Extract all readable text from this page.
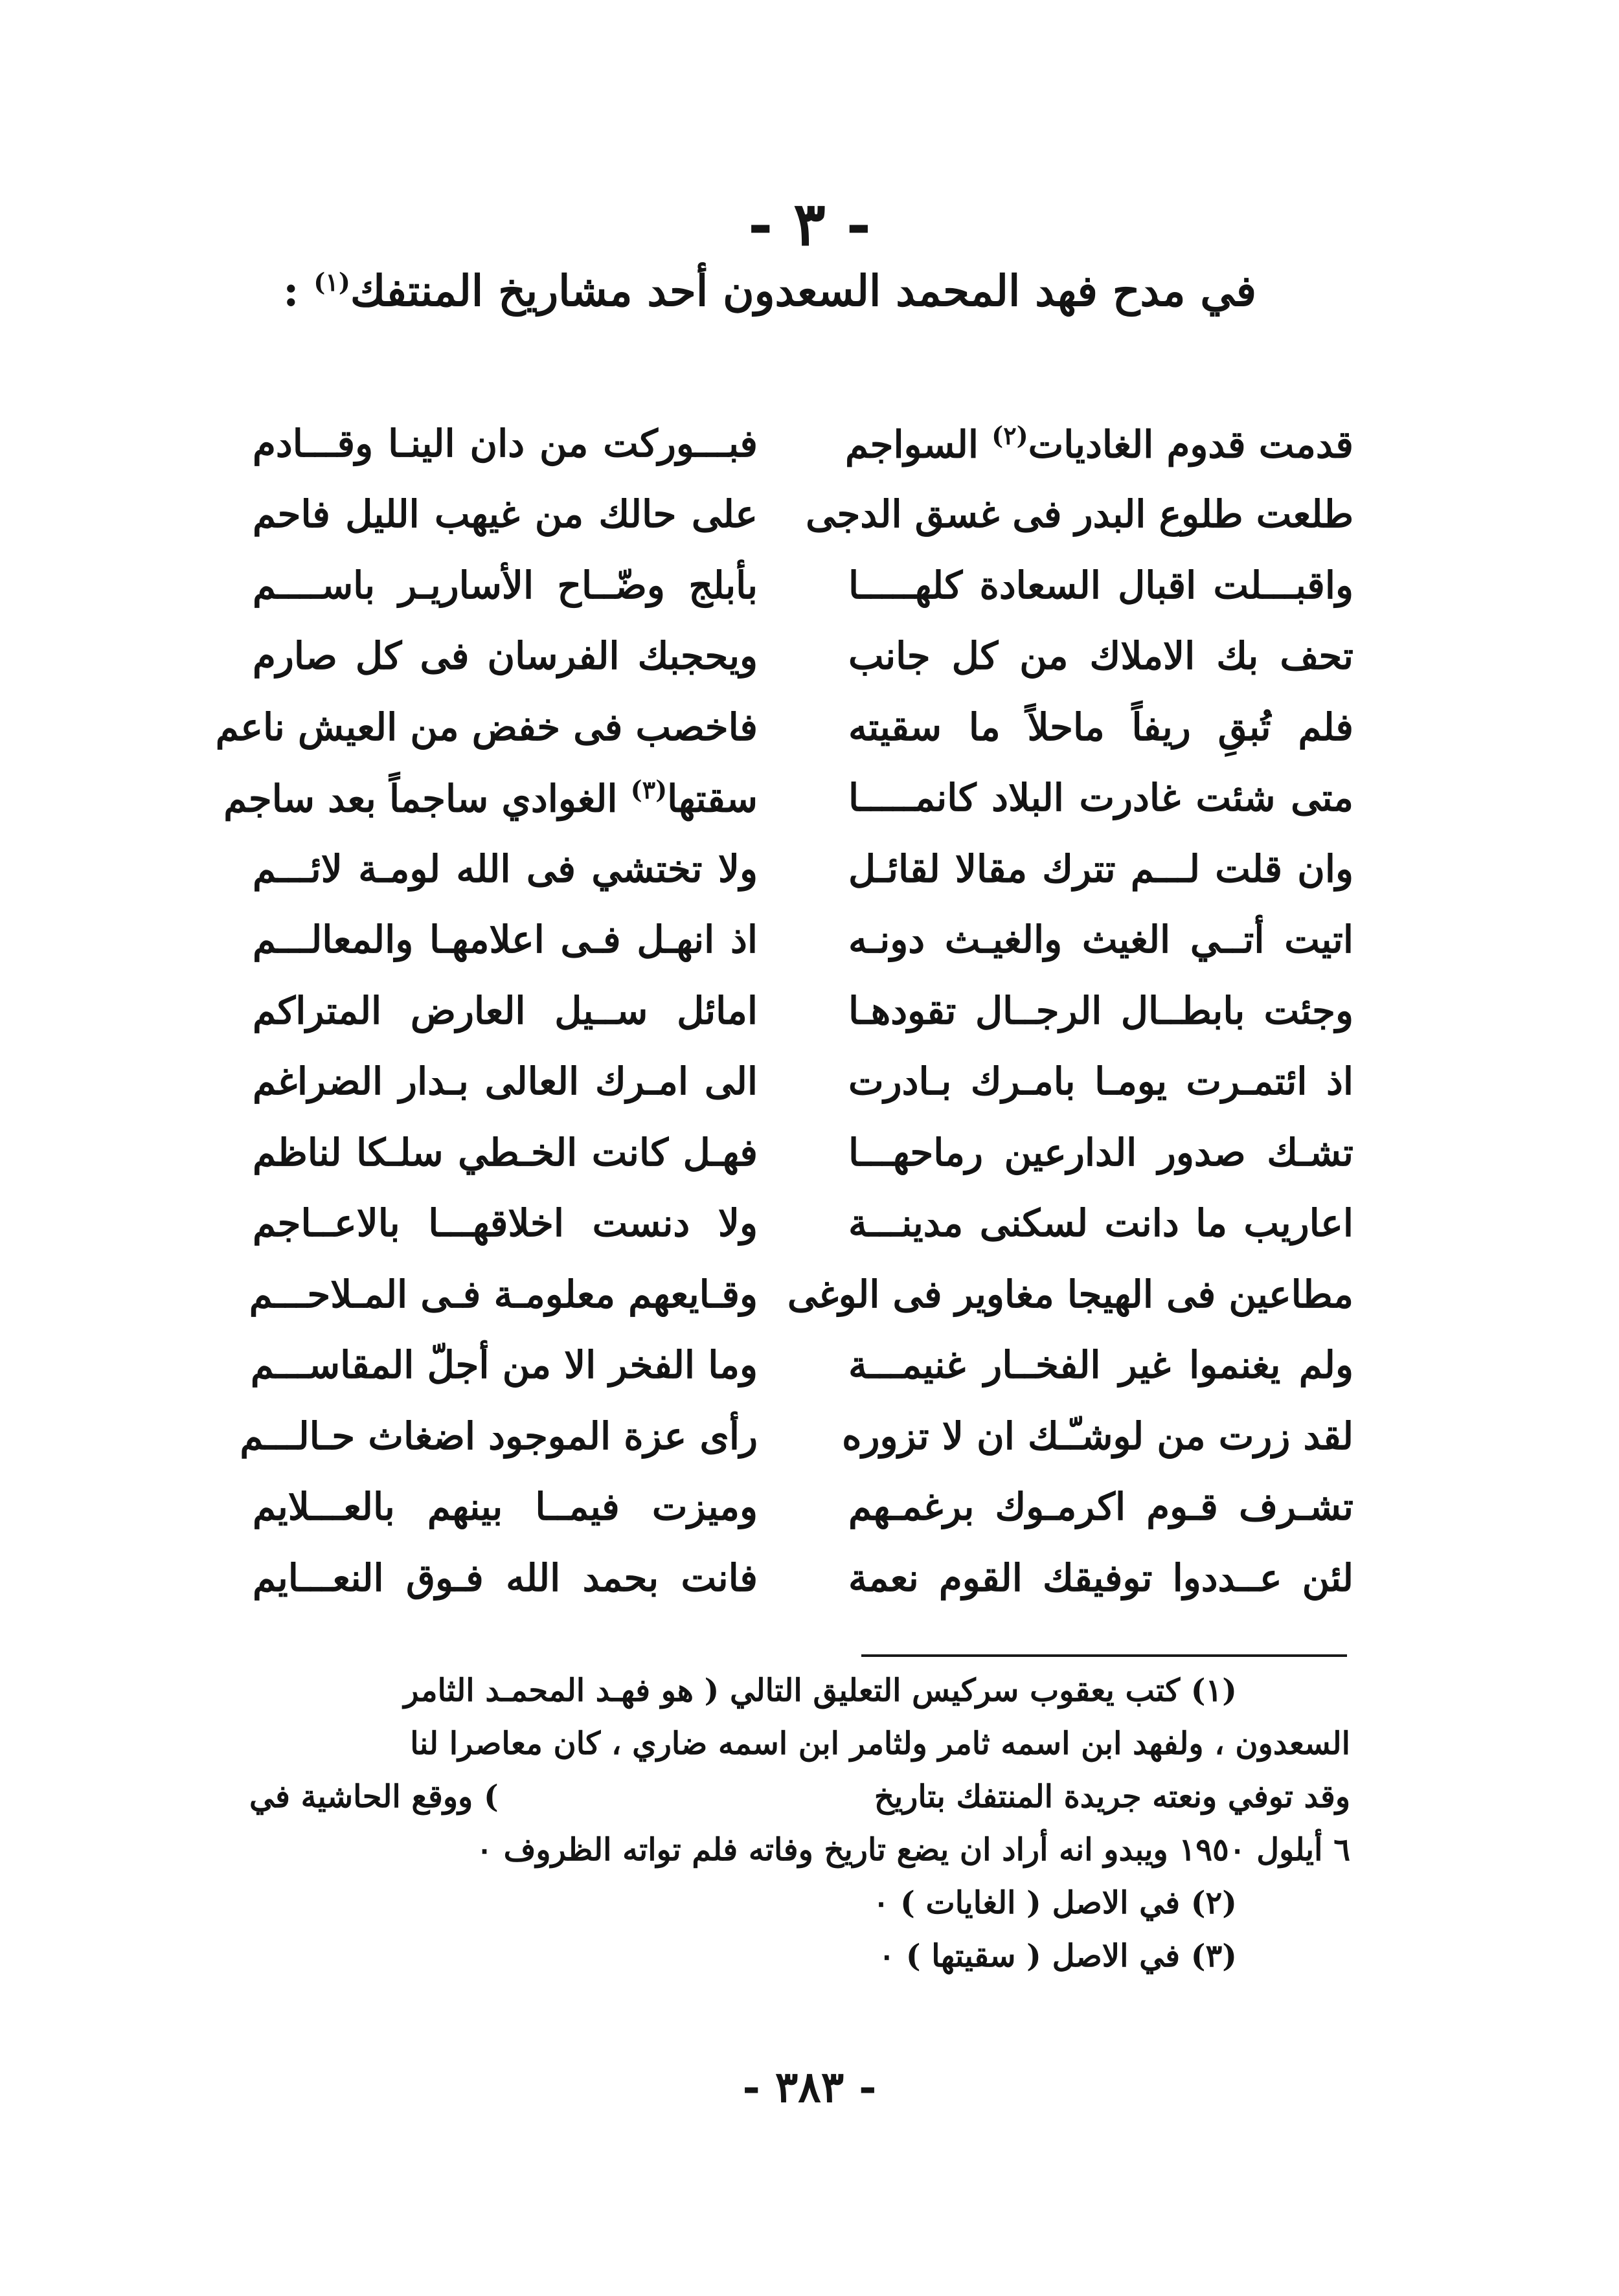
- ٣ -
في مدح فهد المحمد السعدون أحد مشاريخ المنتفك$^{(١)}$ :
قدمت قدوم الغاديات$^{(٢)}$ السواجم
فبـــوركت من دان الينـا وقـــادم
طلعت طلوع البدر فى غسق الدجى
على حالك من غيهب الليل فاحم
واقبـــلت اقبال السعادة كلهـــــا
بأبلج وضّــاح الأساريـر باســــم
تحف بك الاملاك من كل جانب
ويحجبك الفرسان فى كل صارم
فلم تُبقِ ريفاً ماحلاً ما سقيته
فاخصب فى خفض من العيش ناعم
متى شئت غادرت البلاد كانمـــــا
سقتها$^{(٣)}$ الغوادي ساجماً بعد ساجم
وان قلت لـــم تترك مقالا لقائـل
ولا تختشي فى الله لومـة لائـــم
اتيت أتــي الغيث والغيـث دونـه
اذ انهـل فـى اعلامهـا والمعالـــم
وجئت بابطــال الرجــال تقودهـا
امائل ســيل العارض المتراكم
اذ ائتمـرت يومـا بامـرك بـادرت
الى امـرك العالى بـدار الضراغم
تشـك صدور الدارعين رماحهـــا
فهـل كانت الخـطي سلـكا لناظم
اعاريب ما دانت لسكنى مدينـــة
ولا دنست اخلاقهـــا بالاعــاجم
مطاعين فى الهيجا مغاوير فى الوغى
وقـايعهم معلومـة فـى المـلاحـــم
ولم يغنموا غير الفخــار غنيمـــة
وما الفخر الا من أجلّ المقاســـم
لقد زرت من لوشـّـك ان لا تزوره
رأى عزة الموجود اضغاث حـالـــم
تشـرف قـوم اكرمـوك برغمـهم
وميزت فيمــا بينهم بالعـــلايم
لئن عــددوا توفيقك القوم نعمة
فانت بحمد الله فـوق النعـــايم

(١) كتب يعقوب سركيس التعليق التالي ( هو فهـد المحمـد الثامر

السعدون ، ولفهد ابن اسمه ثامر ولثامر ابن اسمه ضاري ، كان معاصرا لنا

وقد توفي ونعته جريدة المنتفك بتاريخ
) ووقع الحاشية في

٦ أيلول ١٩٥٠ ويبدو انه أراد ان يضع تاريخ وفاته فلم تواته الظروف ٠

(٢) في الاصل ( الغايات ) ٠

(٣) في الاصل ( سقيتها ) ٠

- ٣٨٣ -
